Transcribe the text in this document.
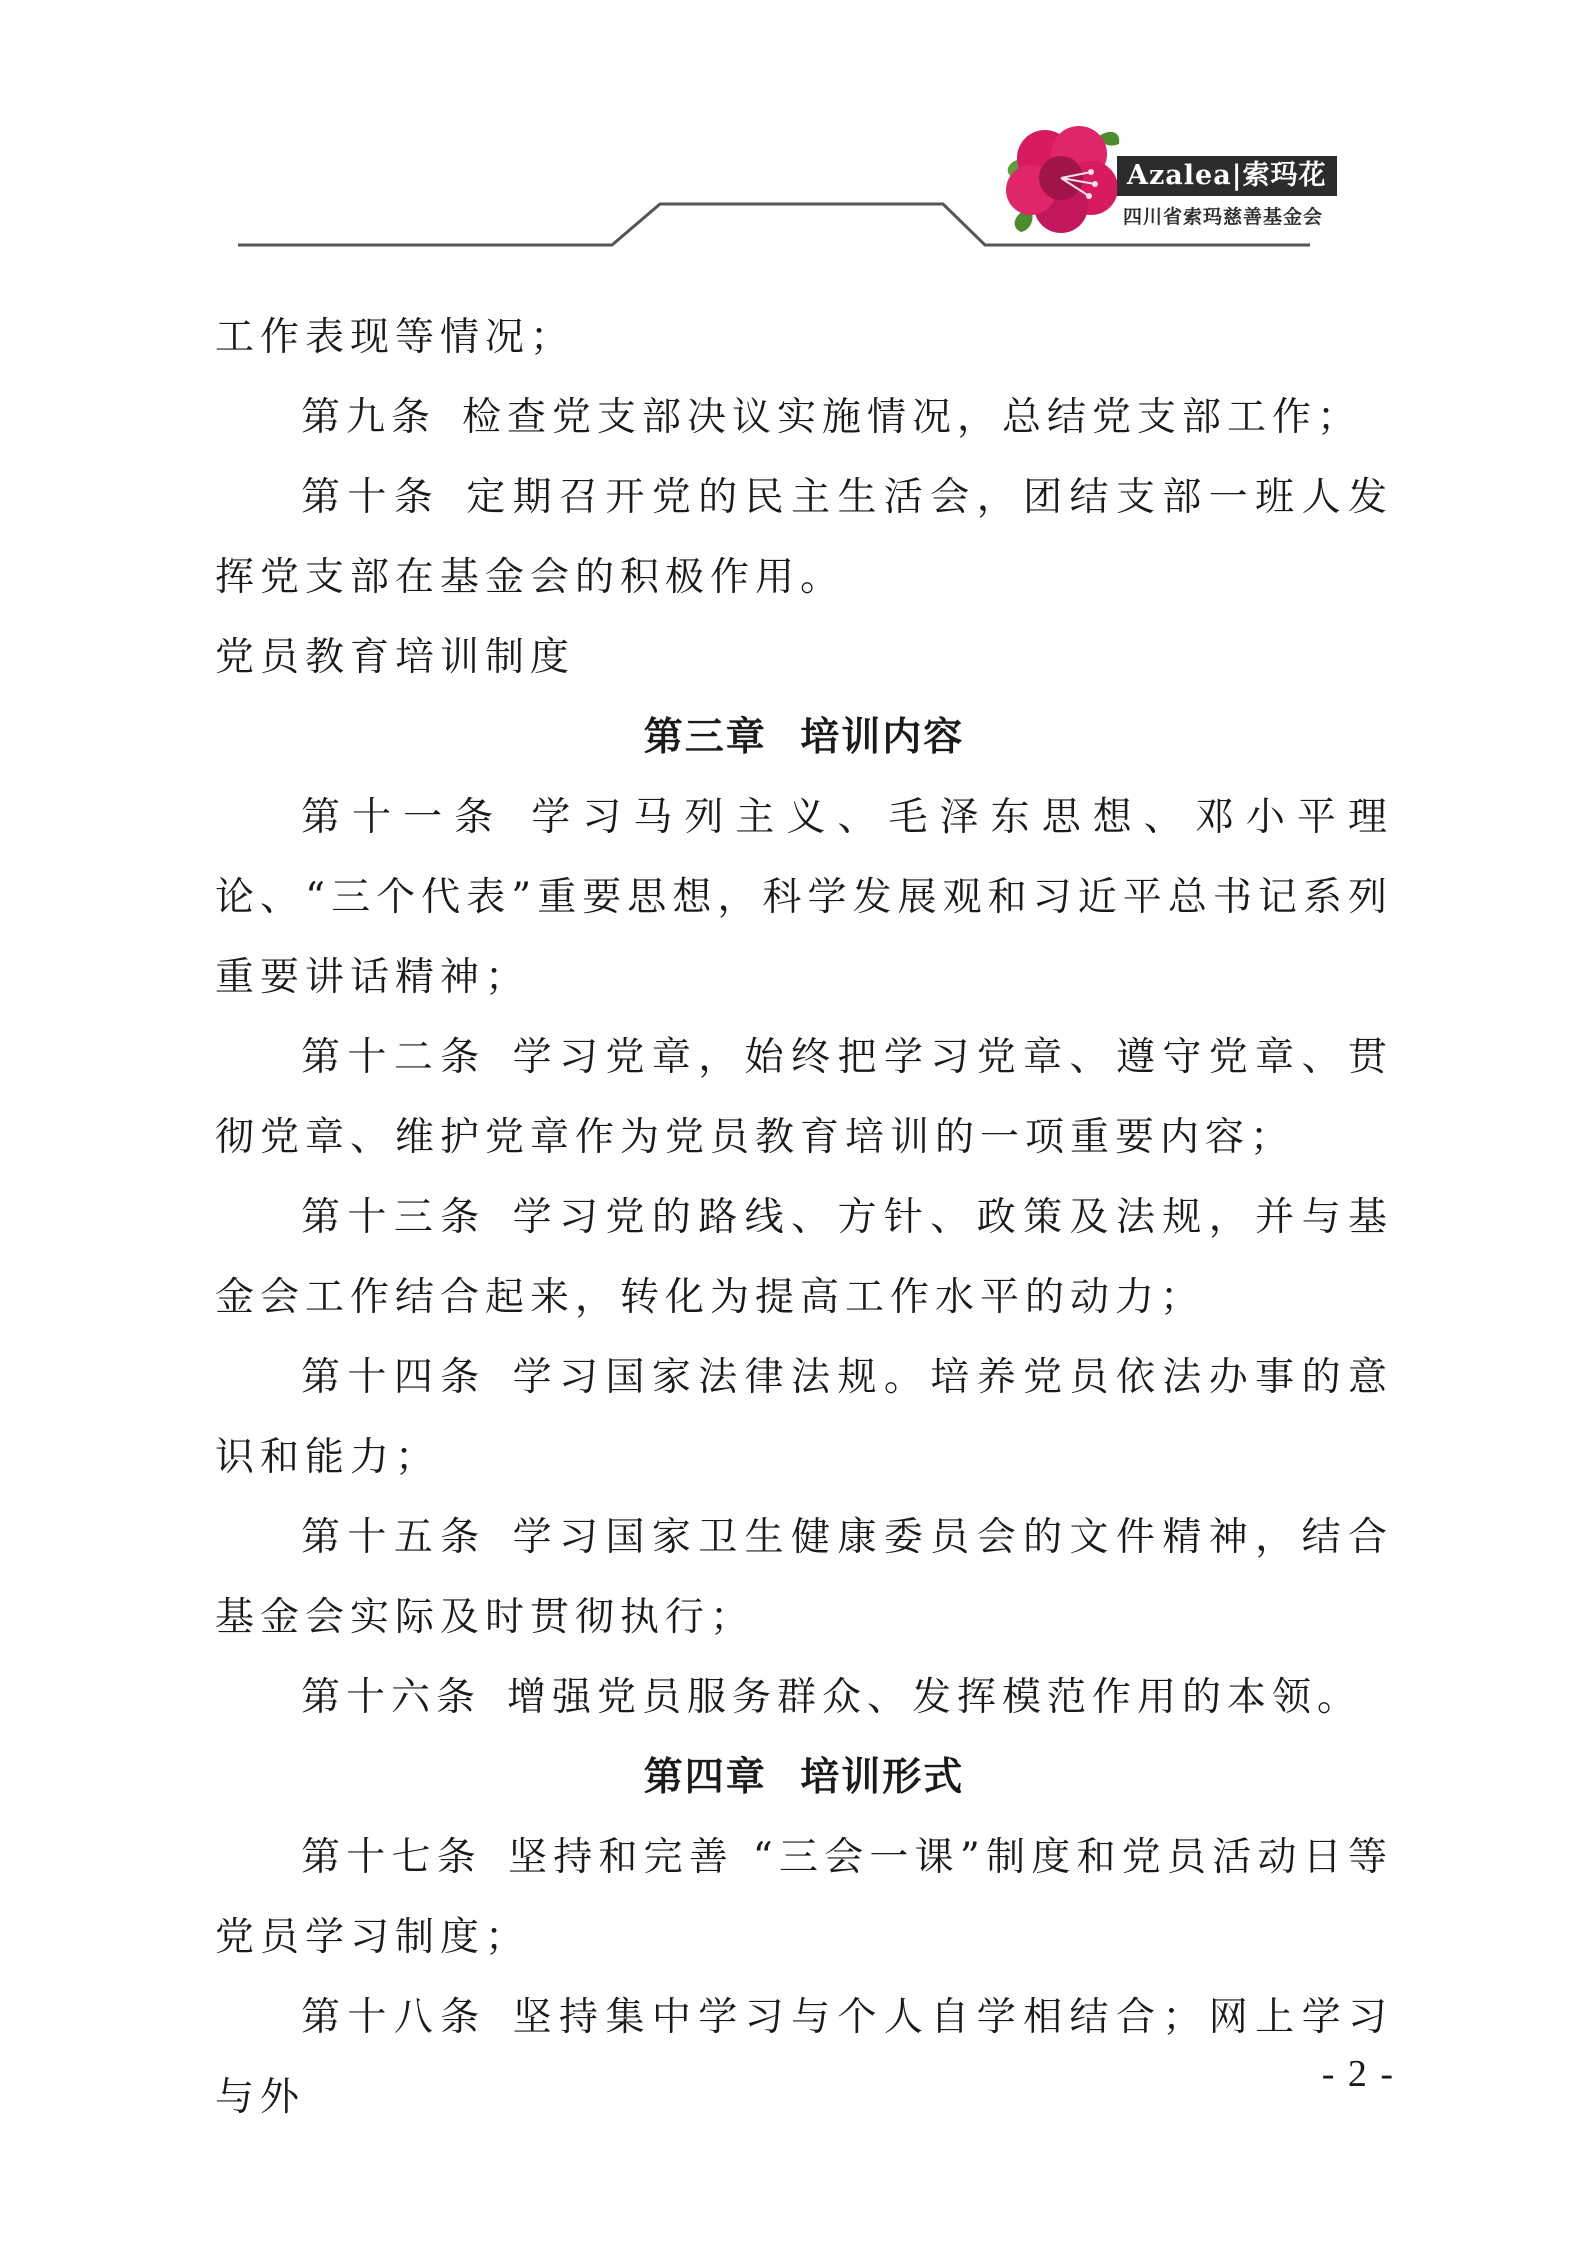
Azalea|索玛花
四川省索玛慈善基金会

工作表现等情况；

第九条 检查党支部决议实施情况，总结党支部工作；

第十条 定期召开党的民主生活会，团结支部一班人发挥党支部在基金会的积极作用。

党员教育培训制度

第三章 培训内容

第十一条 学习马列主义、毛泽东思想、邓小平理论、“三个代表”重要思想，科学发展观和习近平总书记系列重要讲话精神；

第十二条 学习党章，始终把学习党章、遵守党章、贯彻党章、维护党章作为党员教育培训的一项重要内容；

第十三条 学习党的路线、方针、政策及法规，并与基金会工作结合起来，转化为提高工作水平的动力；

第十四条 学习国家法律法规。培养党员依法办事的意识和能力；

第十五条 学习国家卫生健康委员会的文件精神，结合基金会实际及时贯彻执行；

第十六条 增强党员服务群众、发挥模范作用的本领。

第四章 培训形式

第十七条 坚持和完善 “三会一课”制度和党员活动日等党员学习制度；

第十八条 坚持集中学习与个人自学相结合；网上学习与外

- 2 -
